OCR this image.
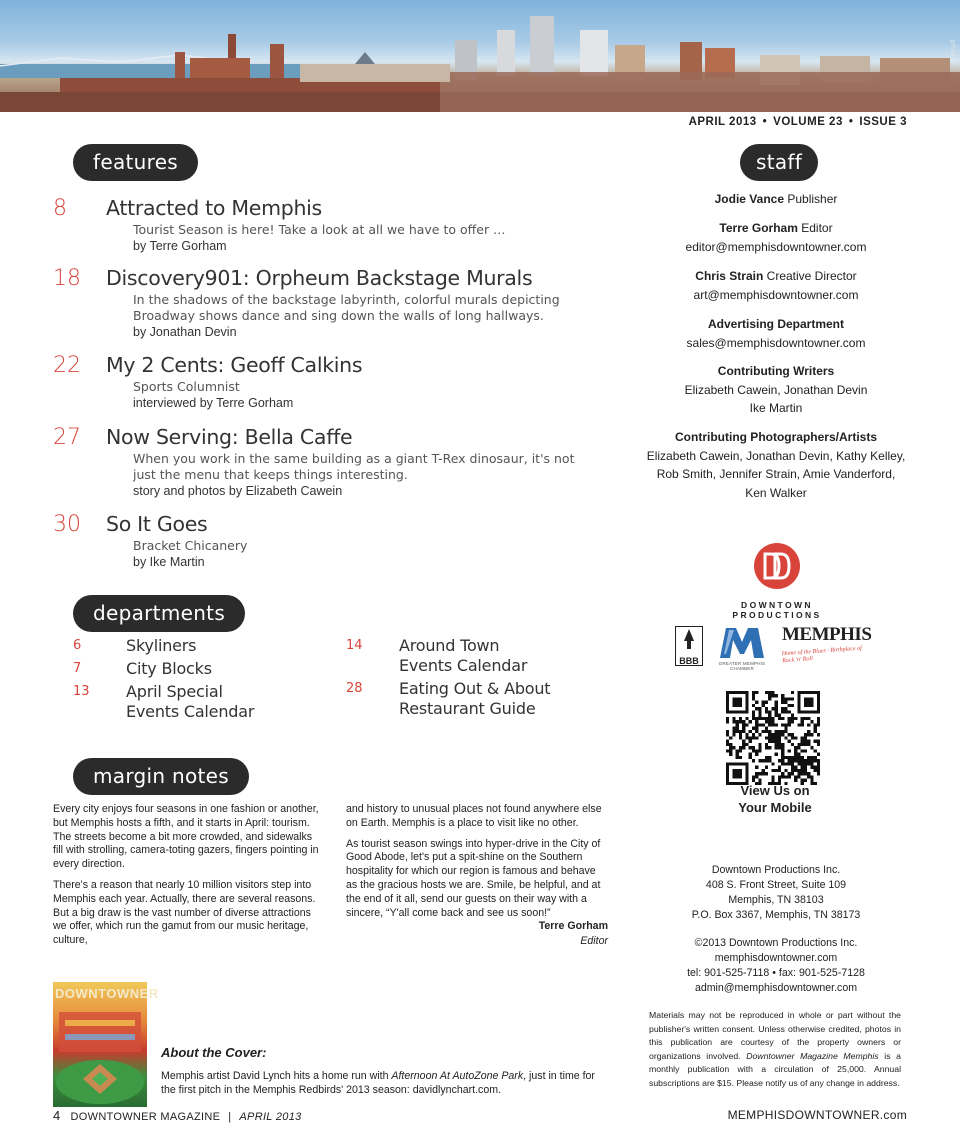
photo
APRIL 2013 • VOLUME 23 • ISSUE 3
features
8 Attracted to Memphis
Tourist Season is here! Take a look at all we have to offer …
by Terre Gorham
18 Discovery901: Orpheum Backstage Murals
In the shadows of the backstage labyrinth, colorful murals depicting
Broadway shows dance and sing down the walls of long hallways.
by Jonathan Devin
22 My 2 Cents: Geoff Calkins
Sports Columnist
interviewed by Terre Gorham
27 Now Serving: Bella Caffe
When you work in the same building as a giant T-Rex dinosaur, it's not
just the menu that keeps things interesting.
story and photos by Elizabeth Cawein
30 So It Goes
Bracket Chicanery
by Ike Martin
departments
6	Skyliners
7	City Blocks
13 April Special
Events Calendar
14 Around Town
Events Calendar
28 Eating Out & About
Restaurant Guide
margin notes

Every city enjoys four seasons in one fashion or another, but Memphis hosts a fifth, and it starts in April: tourism. The streets become a bit more crowded, and sidewalks fill with strolling, camera-toting gazers, fingers pointing in every direction.

There's a reason that nearly 10 million visitors step into Memphis each year. Actually, there are several reasons. But a big draw is the vast number of diverse attractions we offer, which run the gamut from our music heritage, culture,

and history to unusual places not found anywhere else on Earth. Memphis is a place to visit like no other.

As tourist season swings into hyper-drive in the City of Good Abode, let's put a spit-shine on the Southern hospitality for which our region is famous and behave as the gracious hosts we are. Smile, be helpful, and at the end of it all, send our guests on their way with a sincere, “Y'all come back and see us soon!”

Terre Gorham
Editor
DOWNTOWNER
About the Cover:
Memphis artist David Lynch hits a home run with Afternoon At AutoZone Park, just in time for the first pitch in the Memphis Redbirds' 2013 season: davidlynchart.com.
4 DOWNTOWNER MAGAZINE | APRIL 2013	MEMPHISDOWNTOWNER.com
staff
Jodie Vance Publisher
Terre Gorham Editor
editor@memphisdowntowner.com
Chris Strain Creative Director
art@memphisdowntowner.com
Advertising Department
sales@memphisdowntowner.com
Contributing Writers
Elizabeth Cawein, Jonathan Devin
Ike Martin
Contributing Photographers/Artists
Elizabeth Cawein, Jonathan Devin, Kathy Kelley,
Rob Smith, Jennifer Strain, Amie Vanderford,
Ken Walker
DOWNTOWN
PRODUCTIONS
BBB	GREATER MEMPHIS CHAMBER
MEMPHIS
Home of the Blues · Birthplace of Rock 'n' Roll
View Us on
Your Mobile
Downtown Productions Inc.
408 S. Front Street, Suite 109
Memphis, TN 38103
P.O. Box 3367, Memphis, TN 38173
©2013 Downtown Productions Inc.
memphisdowntowner.com
tel: 901-525-7118 • fax: 901-525-7128
admin@memphisdowntowner.com
Materials may not be reproduced in whole or part without the publisher's written consent. Unless otherwise credited, photos in this publication are courtesy of the property owners or organizations involved. Downtowner Magazine Memphis is a monthly publication with a circulation of 25,000. Annual subscriptions are $15. Please notify us of any change in address.
